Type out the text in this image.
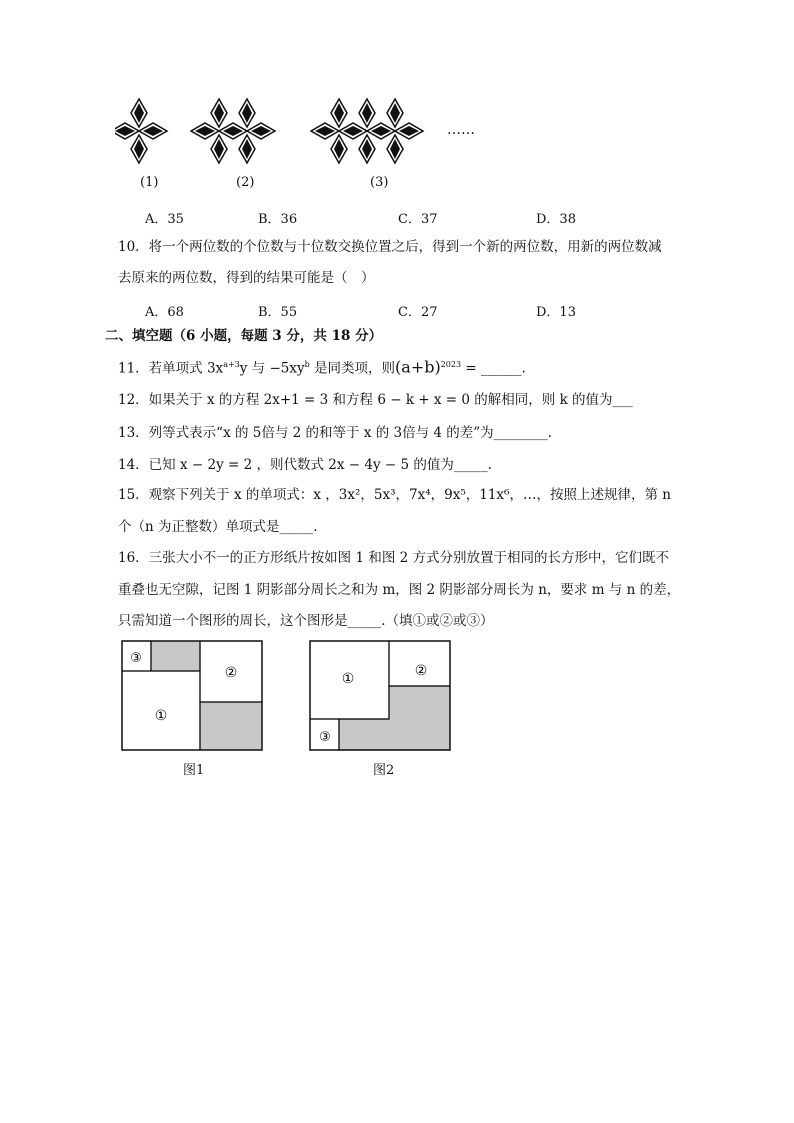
……
(1)	(2)	(3)
A．35	B．36	C．37	D．38
10．将一个两位数的个位数与十位数交换位置之后，得到一个新的两位数，用新的两位数减
去原来的两位数，得到的结果可能是（　）
A．68	B．55	C．27	D．13
二、填空题（6 小题，每题 3 分，共 18 分）
11．若单项式 $3x^{a+3}y$ 与 $-5xy^b$ 是同类项，则$(a+b)^{2023}$ = ______.
12．如果关于 x 的方程 2x+1 = 3 和方程 6 − k + x = 0 的解相同，则 k 的值为___
13．列等式表示“x 的 5倍与 2 的和等于 x 的 3倍与 4 的差”为________.
14．已知 x − 2y = 2 ，则代数式 2x − 4y − 5 的值为_____.
15．观察下列关于 x 的单项式：x ，3x²，5x³，7x⁴，9x⁵，11x⁶，…，按照上述规律，第 n
个（n 为正整数）单项式是_____.
16．三张大小不一的正方形纸片按如图 1 和图 2 方式分别放置于相同的长方形中，它们既不
重叠也无空隙，记图 1 阴影部分周长之和为 m，图 2 阴影部分周长为 n，要求 m 与 n 的差，
只需知道一个图形的周长，这个图形是_____.（填①或②或③）
③
①
②
图1
①	②
③
图2
